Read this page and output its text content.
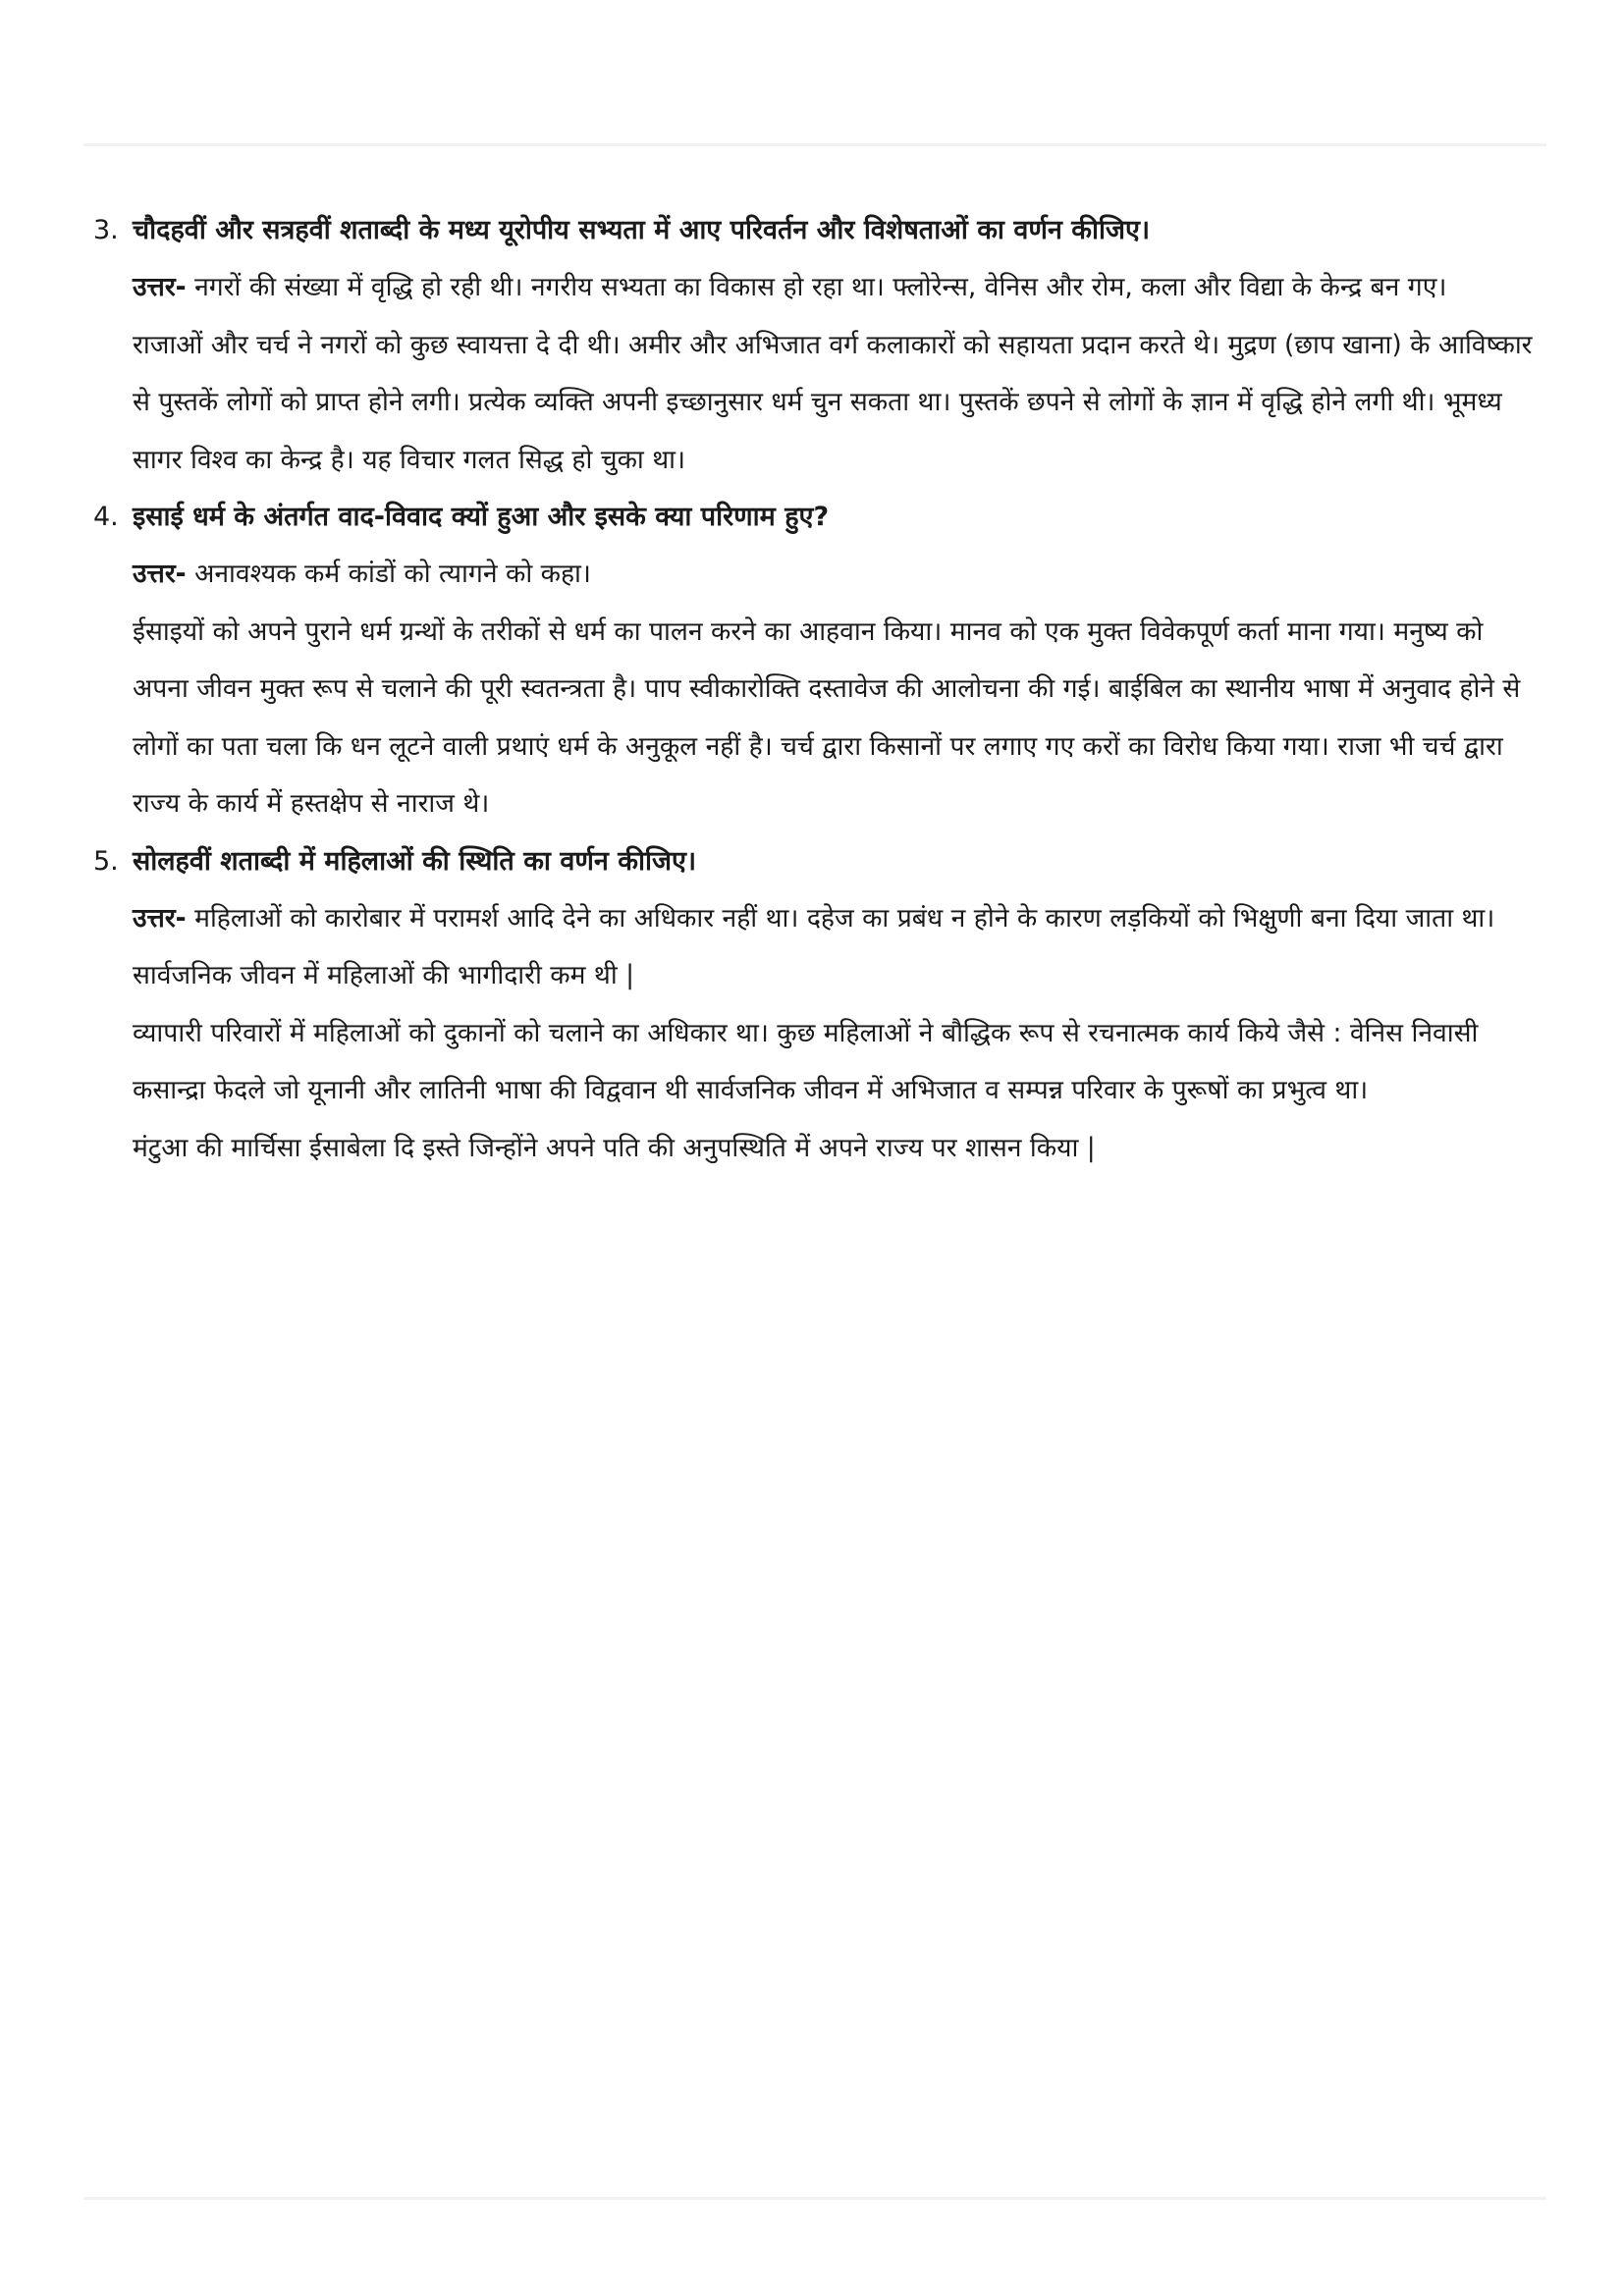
3. चौदहवीं और सत्रहवीं शताब्दी के मध्य यूरोपीय सभ्यता में आए परिवर्तन और विशेषताओं का वर्णन कीजिए।

उत्तर- नगरों की संख्या में वृद्धि हो रही थी। नगरीय सभ्यता का विकास हो रहा था। फ्लोरेन्स, वेनिस और रोम, कला और विद्या के केन्द्र बन गए।

राजाओं और चर्च ने नगरों को कुछ स्वायत्ता दे दी थी। अमीर और अभिजात वर्ग कलाकारों को सहायता प्रदान करते थे। मुद्रण (छाप खाना) के आविष्कार से पुस्तकें लोगों को प्राप्त होने लगी। प्रत्येक व्यक्ति अपनी इच्छानुसार धर्म चुन सकता था। पुस्तकें छपने से लोगों के ज्ञान में वृद्धि होने लगी थी। भूमध्य सागर विश्व का केन्द्र है। यह विचार गलत सिद्ध हो चुका था।

4. इसाई धर्म के अंतर्गत वाद-विवाद क्यों हुआ और इसके क्या परिणाम हुए?

उत्तर- अनावश्यक कर्म कांडों को त्यागने को कहा।

ईसाइयों को अपने पुराने धर्म ग्रन्थों के तरीकों से धर्म का पालन करने का आहवान किया। मानव को एक मुक्त विवेकपूर्ण कर्ता माना गया। मनुष्य को अपना जीवन मुक्त रूप से चलाने की पूरी स्वतन्त्रता है। पाप स्वीकारोक्ति दस्तावेज की आलोचना की गई। बाईबिल का स्थानीय भाषा में अनुवाद होने से लोगों का पता चला कि धन लूटने वाली प्रथाएं धर्म के अनुकूल नहीं है। चर्च द्वारा किसानों पर लगाए गए करों का विरोध किया गया। राजा भी चर्च द्वारा राज्य के कार्य में हस्तक्षेप से नाराज थे।

5. सोलहवीं शताब्दी में महिलाओं की स्थिति का वर्णन कीजिए।

उत्तर- महिलाओं को कारोबार में परामर्श आदि देने का अधिकार नहीं था। दहेज का प्रबंध न होने के कारण लड़कियों को भिक्षुणी बना दिया जाता था। सार्वजनिक जीवन में महिलाओं की भागीदारी कम थी |

व्यापारी परिवारों में महिलाओं को दुकानों को चलाने का अधिकार था। कुछ महिलाओं ने बौद्धिक रूप से रचनात्मक कार्य किये जैसे : वेनिस निवासी कसान्द्रा फेदले जो यूनानी और लातिनी भाषा की विद्ववान थी सार्वजनिक जीवन में अभिजात व सम्पन्न परिवार के पुरूषों का प्रभुत्व था।

मंटुआ की मार्चिसा ईसाबेला दि इस्ते जिन्होंने अपने पति की अनुपस्थिति में अपने राज्य पर शासन किया |
